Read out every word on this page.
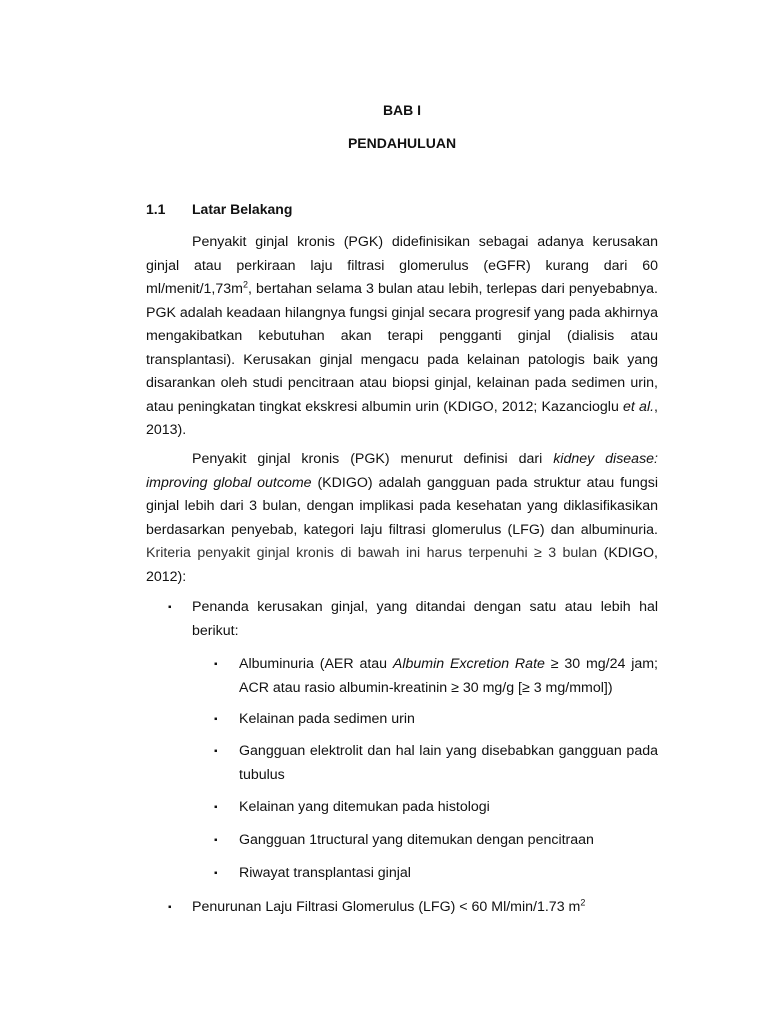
BAB I
PENDAHULUAN
1.1 Latar Belakang

Penyakit ginjal kronis (PGK) didefinisikan sebagai adanya kerusakan ginjal atau perkiraan laju filtrasi glomerulus (eGFR) kurang dari 60 $ml/menit/1,73m^2$, bertahan selama 3 bulan atau lebih, terlepas dari penyebabnya. PGK adalah keadaan hilangnya fungsi ginjal secara progresif yang pada akhirnya mengakibatkan kebutuhan akan terapi pengganti ginjal (dialisis atau transplantasi). Kerusakan ginjal mengacu pada kelainan patologis baik yang disarankan oleh studi pencitraan atau biopsi ginjal, kelainan pada sedimen urin, atau peningkatan tingkat ekskresi albumin urin (KDIGO, 2012; Kazancioglu et al., 2013).

Penyakit ginjal kronis (PGK) menurut definisi dari kidney disease: improving global outcome (KDIGO) adalah gangguan pada struktur atau fungsi ginjal lebih dari 3 bulan, dengan implikasi pada kesehatan yang diklasifikasikan berdasarkan penyebab, kategori laju filtrasi glomerulus (LFG) dan albuminuria. Kriteria penyakit ginjal kronis di bawah ini harus terpenuhi ≥ 3 bulan (KDIGO, 2012):

▪ Penanda kerusakan ginjal, yang ditandai dengan satu atau lebih hal berikut:
▪ Albuminuria (AER atau Albumin Excretion Rate ≥ 30 mg/24 jam; ACR atau rasio albumin-kreatinin ≥ 30 mg/g [≥ 3 mg/mmol])
▪ Kelainan pada sedimen urin
▪ Gangguan elektrolit dan hal lain yang disebabkan gangguan pada tubulus
▪ Kelainan yang ditemukan pada histologi
▪ Gangguan 1tructural yang ditemukan dengan pencitraan
▪ Riwayat transplantasi ginjal
▪ Penurunan Laju Filtrasi Glomerulus (LFG) < 60 Ml/min/1.73 $m^2$
